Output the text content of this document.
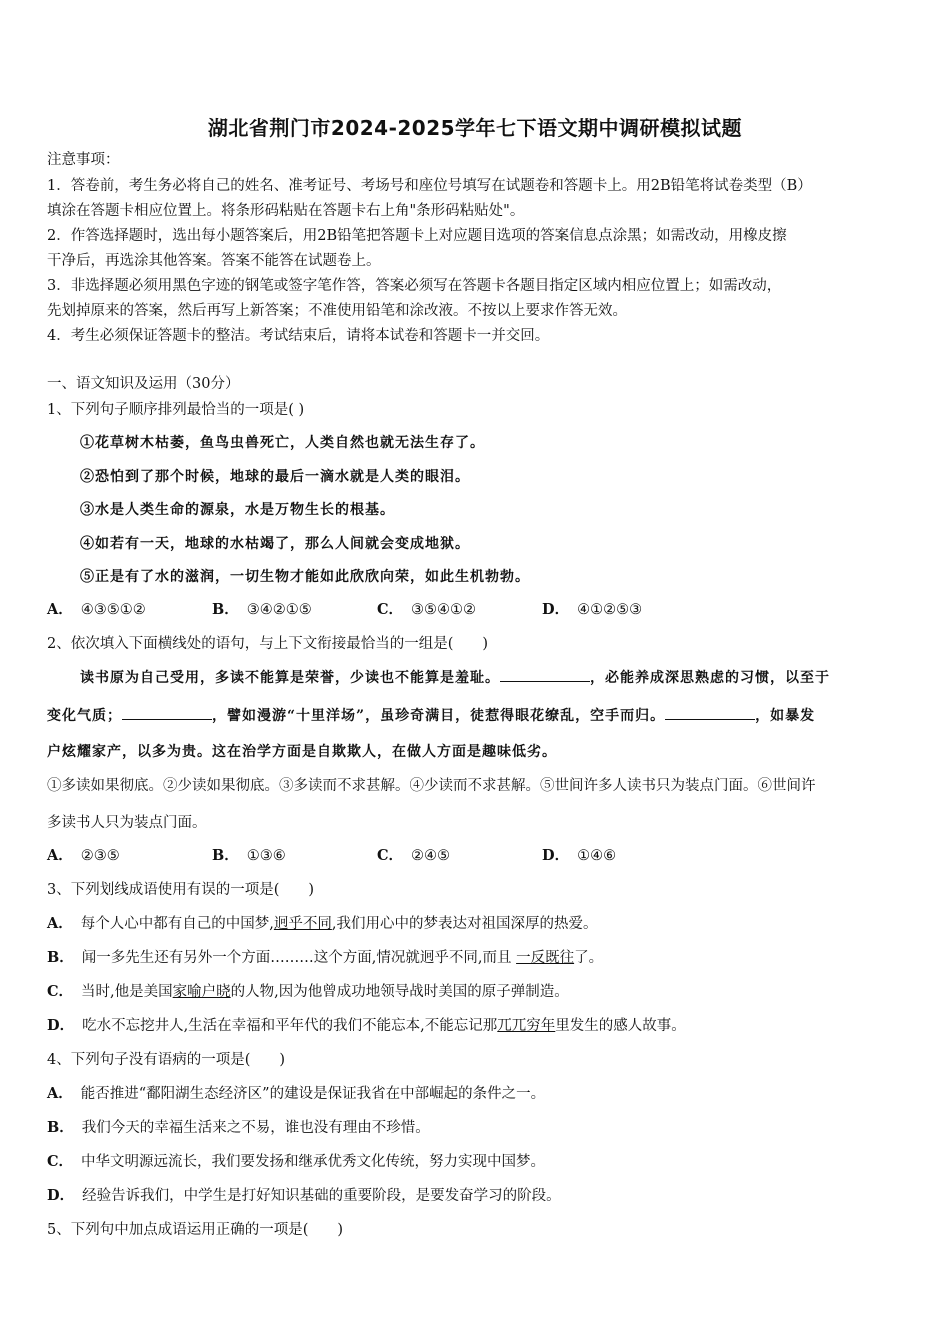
湖北省荆门市2024-2025学年七下语文期中调研模拟试题
注意事项：
1．答卷前，考生务必将自己的姓名、准考证号、考场号和座位号填写在试题卷和答题卡上。用2B铅笔将试卷类型（B）
填涂在答题卡相应位置上。将条形码粘贴在答题卡右上角"条形码粘贴处"。
2．作答选择题时，选出每小题答案后，用2B铅笔把答题卡上对应题目选项的答案信息点涂黑；如需改动，用橡皮擦
干净后，再选涂其他答案。答案不能答在试题卷上。
3．非选择题必须用黑色字迹的钢笔或签字笔作答，答案必须写在答题卡各题目指定区域内相应位置上；如需改动，
先划掉原来的答案，然后再写上新答案；不准使用铅笔和涂改液。不按以上要求作答无效。
4．考生必须保证答题卡的整洁。考试结束后，请将本试卷和答题卡一并交回。
一、语文知识及运用（30分）
1、下列句子顺序排列最恰当的一项是( )
①花草树木枯萎，鱼鸟虫兽死亡，人类自然也就无法生存了。
②恐怕到了那个时候，地球的最后一滴水就是人类的眼泪。
③水是人类生命的源泉，水是万物生长的根基。
④如若有一天，地球的水枯竭了，那么人间就会变成地狱。
⑤正是有了水的滋润，一切生物才能如此欣欣向荣，如此生机勃勃。
A． ④③⑤①②	B． ③④②①⑤	C． ③⑤④①②	D． ④①②⑤③
2、依次填入下面横线处的语句，与上下文衔接最恰当的一组是(　　)
读书原为自己受用，多读不能算是荣誉，少读也不能算是羞耻。	，必能养成深思熟虑的习惯，以至于
变化气质；	，譬如漫游“十里洋场”，虽珍奇满目，徒惹得眼花缭乱，空手而归。	，如暴发
户炫耀家产，以多为贵。这在治学方面是自欺欺人，在做人方面是趣味低劣。
①多读如果彻底。②少读如果彻底。③多读而不求甚解。④少读而不求甚解。⑤世间许多人读书只为装点门面。⑥世间许
多读书人只为装点门面。
A． ②③⑤	B． ①③⑥	C． ②④⑤	D． ①④⑥
3、下列划线成语使用有误的一项是(　　)
A． 每个人心中都有自己的中国梦,迥乎不同,我们用心中的梦表达对祖国深厚的热爱。
B． 闻一多先生还有另外一个方面………这个方面,情况就迥乎不同,而且 一反既往了。
C． 当时,他是美国家喻户晓的人物,因为他曾成功地领导战时美国的原子弹制造。
D． 吃水不忘挖井人,生活在幸福和平年代的我们不能忘本,不能忘记那兀兀穷年里发生的感人故事。
4、下列句子没有语病的一项是(　　)
A． 能否推进“鄱阳湖生态经济区”的建设是保证我省在中部崛起的条件之一。
B． 我们今天的幸福生活来之不易，谁也没有理由不珍惜。
C． 中华文明源远流长，我们要发扬和继承优秀文化传统，努力实现中国梦。
D． 经验告诉我们，中学生是打好知识基础的重要阶段，是要发奋学习的阶段。
5、下列句中加点成语运用正确的一项是(　　)
